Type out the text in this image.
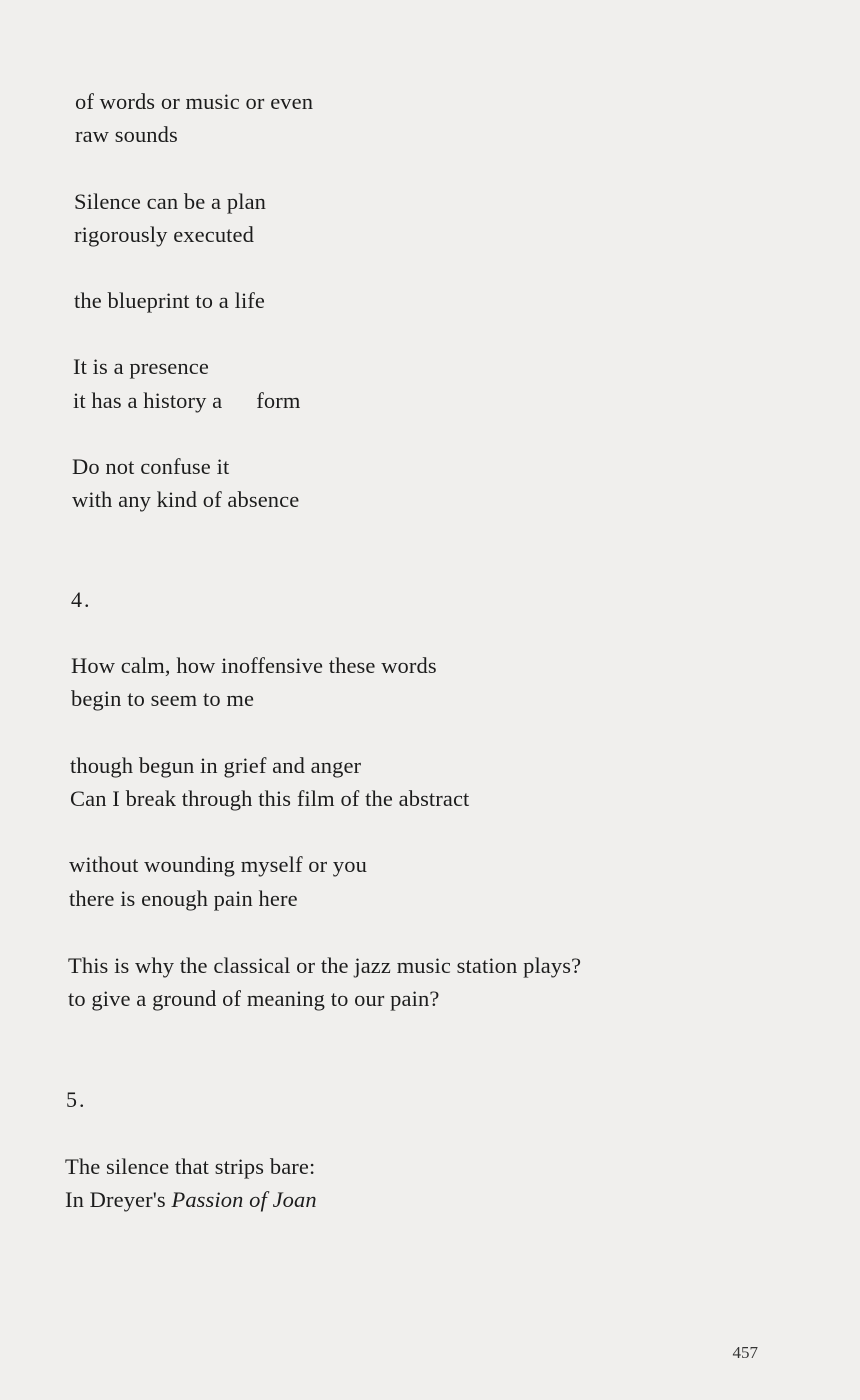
of words or music or even
raw sounds
Silence can be a plan
rigorously executed
the blueprint to a life
It is a presence
it has a history a form
Do not confuse it
with any kind of absence
4.
How calm, how inoffensive these words
begin to seem to me
though begun in grief and anger
Can I break through this film of the abstract
without wounding myself or you
there is enough pain here
This is why the classical or the jazz music station plays?
to give a ground of meaning to our pain?
5.
The silence that strips bare:
In Dreyer's Passion of Joan
457
